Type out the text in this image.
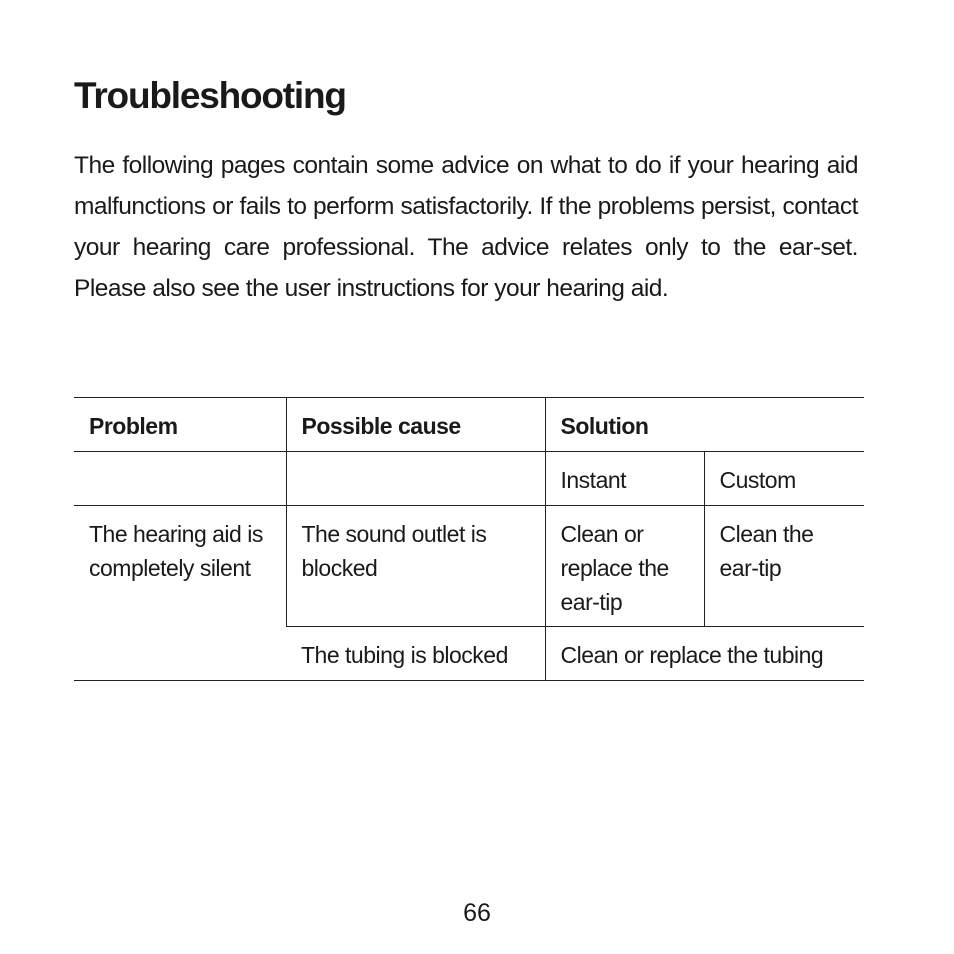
Troubleshooting

The following pages contain some advice on what to do if your hearing aid malfunctions or fails to perform satisfactorily. If the problems persist, contact your hearing care professional. The advice relates only to the ear-set. Please also see the user instructions for your hearing aid.

Problem	Possible cause	Solution	
		Instant	Custom
The hearing aid is completely silent	The sound outlet is blocked	Clean or replace the ear-tip	Clean the ear-tip
	The tubing is blocked	Clean or replace the tubing	
66
